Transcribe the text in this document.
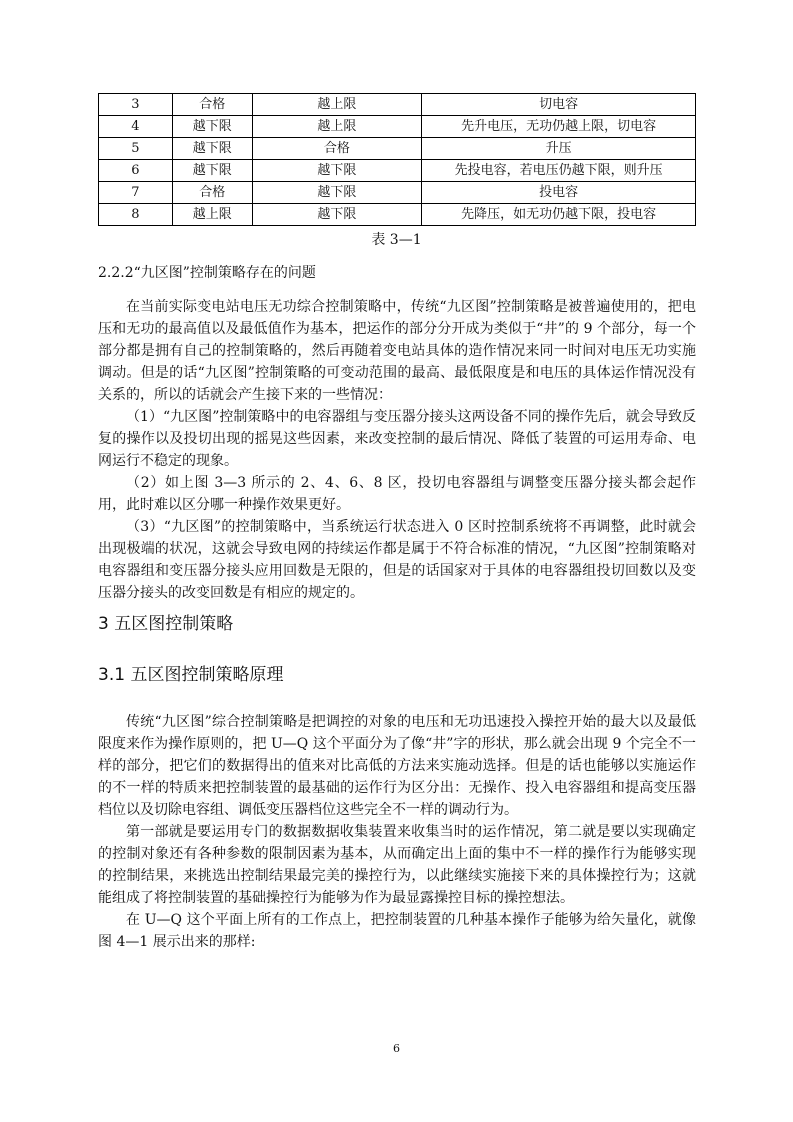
3	合格	越上限	切电容
4	越下限	越上限	先升电压，无功仍越上限，切电容
5	越下限	合格	升压
6	越下限	越下限	先投电容，若电压仍越下限，则升压
7	合格	越下限	投电容
8	越上限	越下限	先降压，如无功仍越下限，投电容
表 3—1
2.2.2“九区图”控制策略存在的问题

在当前实际变电站电压无功综合控制策略中，传统“九区图”控制策略是被普遍使用的，把电压和无功的最高值以及最低值作为基本，把运作的部分分开成为类似于“井”的 9 个部分，每一个部分都是拥有自己的控制策略的，然后再随着变电站具体的造作情况来同一时间对电压无功实施调动。但是的话“九区图”控制策略的可变动范围的最高、最低限度是和电压的具体运作情况没有关系的，所以的话就会产生接下来的一些情况：

（1）“九区图”控制策略中的电容器组与变压器分接头这两设备不同的操作先后，就会导致反复的操作以及投切出现的摇晃这些因素，来改变控制的最后情况、降低了装置的可运用寿命、电网运行不稳定的现象。

（2）如上图 3—3 所示的 2、4、6、8 区，投切电容器组与调整变压器分接头都会起作用，此时难以区分哪一种操作效果更好。

（3）“九区图”的控制策略中，当系统运行状态进入 0 区时控制系统将不再调整，此时就会出现极端的状况，这就会导致电网的持续运作都是属于不符合标准的情况，“九区图”控制策略对电容器组和变压器分接头应用回数是无限的，但是的话国家对于具体的电容器组投切回数以及变压器分接头的改变回数是有相应的规定的。

3 五区图控制策略
3.1 五区图控制策略原理

传统“九区图”综合控制策略是把调控的对象的电压和无功迅速投入操控开始的最大以及最低限度来作为操作原则的，把 U—Q 这个平面分为了像“井”字的形状，那么就会出现 9 个完全不一样的部分，把它们的数据得出的值来对比高低的方法来实施动选择。但是的话也能够以实施运作的不一样的特质来把控制装置的最基础的运作行为区分出：无操作、投入电容器组和提高变压器档位以及切除电容组、调低变压器档位这些完全不一样的调动行为。

第一部就是要运用专门的数据数据收集装置来收集当时的运作情况，第二就是要以实现确定的控制对象还有各种参数的限制因素为基本，从而确定出上面的集中不一样的操作行为能够实现的控制结果，来挑选出控制结果最完美的操控行为，以此继续实施接下来的具体操控行为；这就能组成了将控制装置的基础操控行为能够为作为最显露操控目标的操控想法。

在 U—Q 这个平面上所有的工作点上，把控制装置的几种基本操作子能够为给矢量化，就像图 4—1 展示出来的那样:

6
